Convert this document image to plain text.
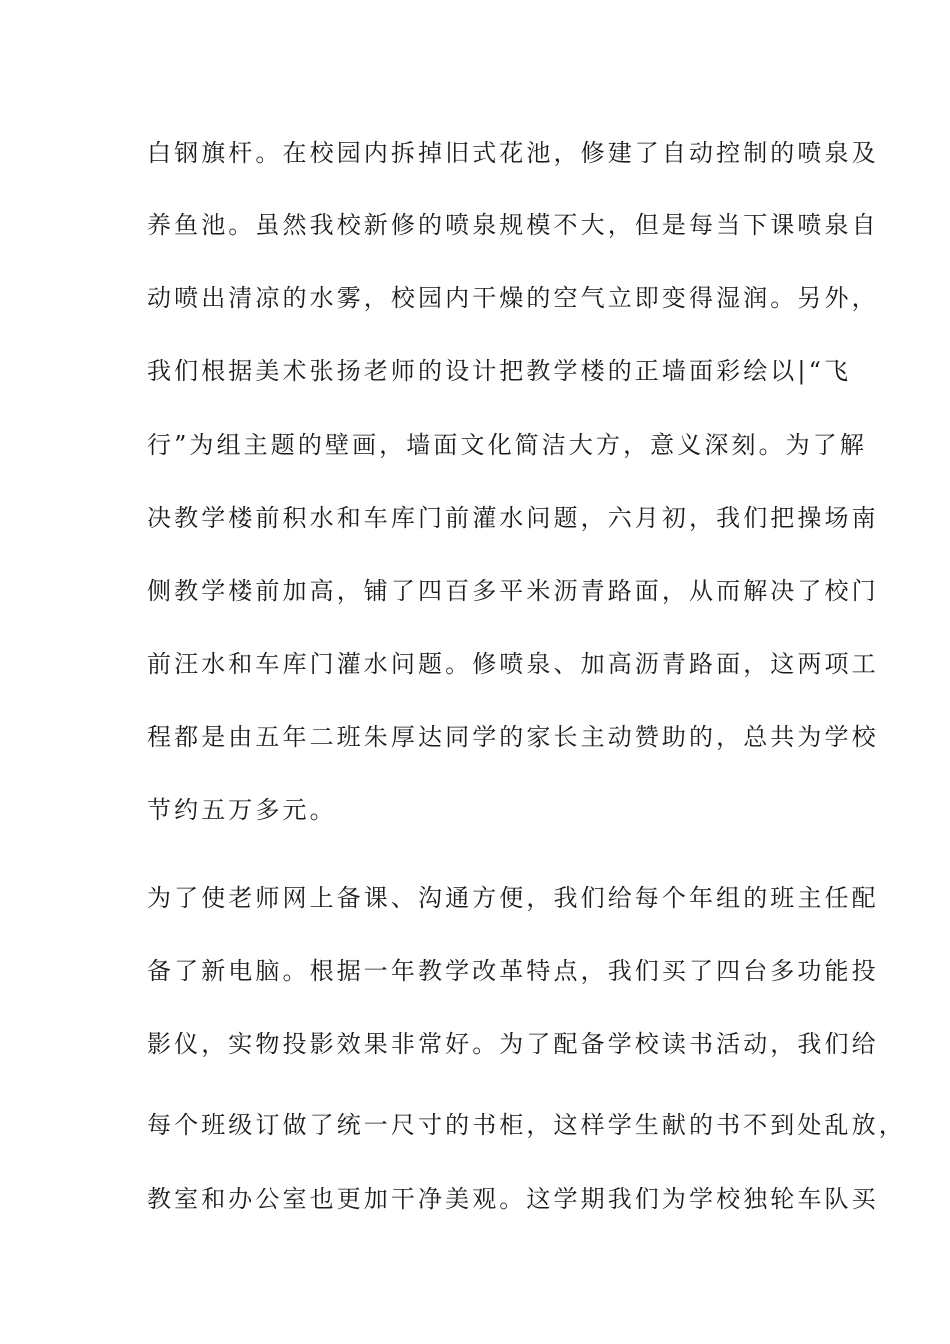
白钢旗杆。在校园内拆掉旧式花池，修建了自动控制的喷泉及
养鱼池。虽然我校新修的喷泉规模不大，但是每当下课喷泉自
动喷出清凉的水雾，校园内干燥的空气立即变得湿润。另外，
我们根据美术张扬老师的设计把教学楼的正墙面彩绘以|“飞
行”为组主题的壁画，墙面文化简洁大方，意义深刻。为了解
决教学楼前积水和车库门前灌水问题，六月初，我们把操场南
侧教学楼前加高，铺了四百多平米沥青路面，从而解决了校门
前汪水和车库门灌水问题。修喷泉、加高沥青路面，这两项工
程都是由五年二班朱厚达同学的家长主动赞助的，总共为学校
节约五万多元。
为了使老师网上备课、沟通方便，我们给每个年组的班主任配
备了新电脑。根据一年教学改革特点，我们买了四台多功能投
影仪，实物投影效果非常好。为了配备学校读书活动，我们给
每个班级订做了统一尺寸的书柜，这样学生献的书不到处乱放，
教室和办公室也更加干净美观。这学期我们为学校独轮车队买
